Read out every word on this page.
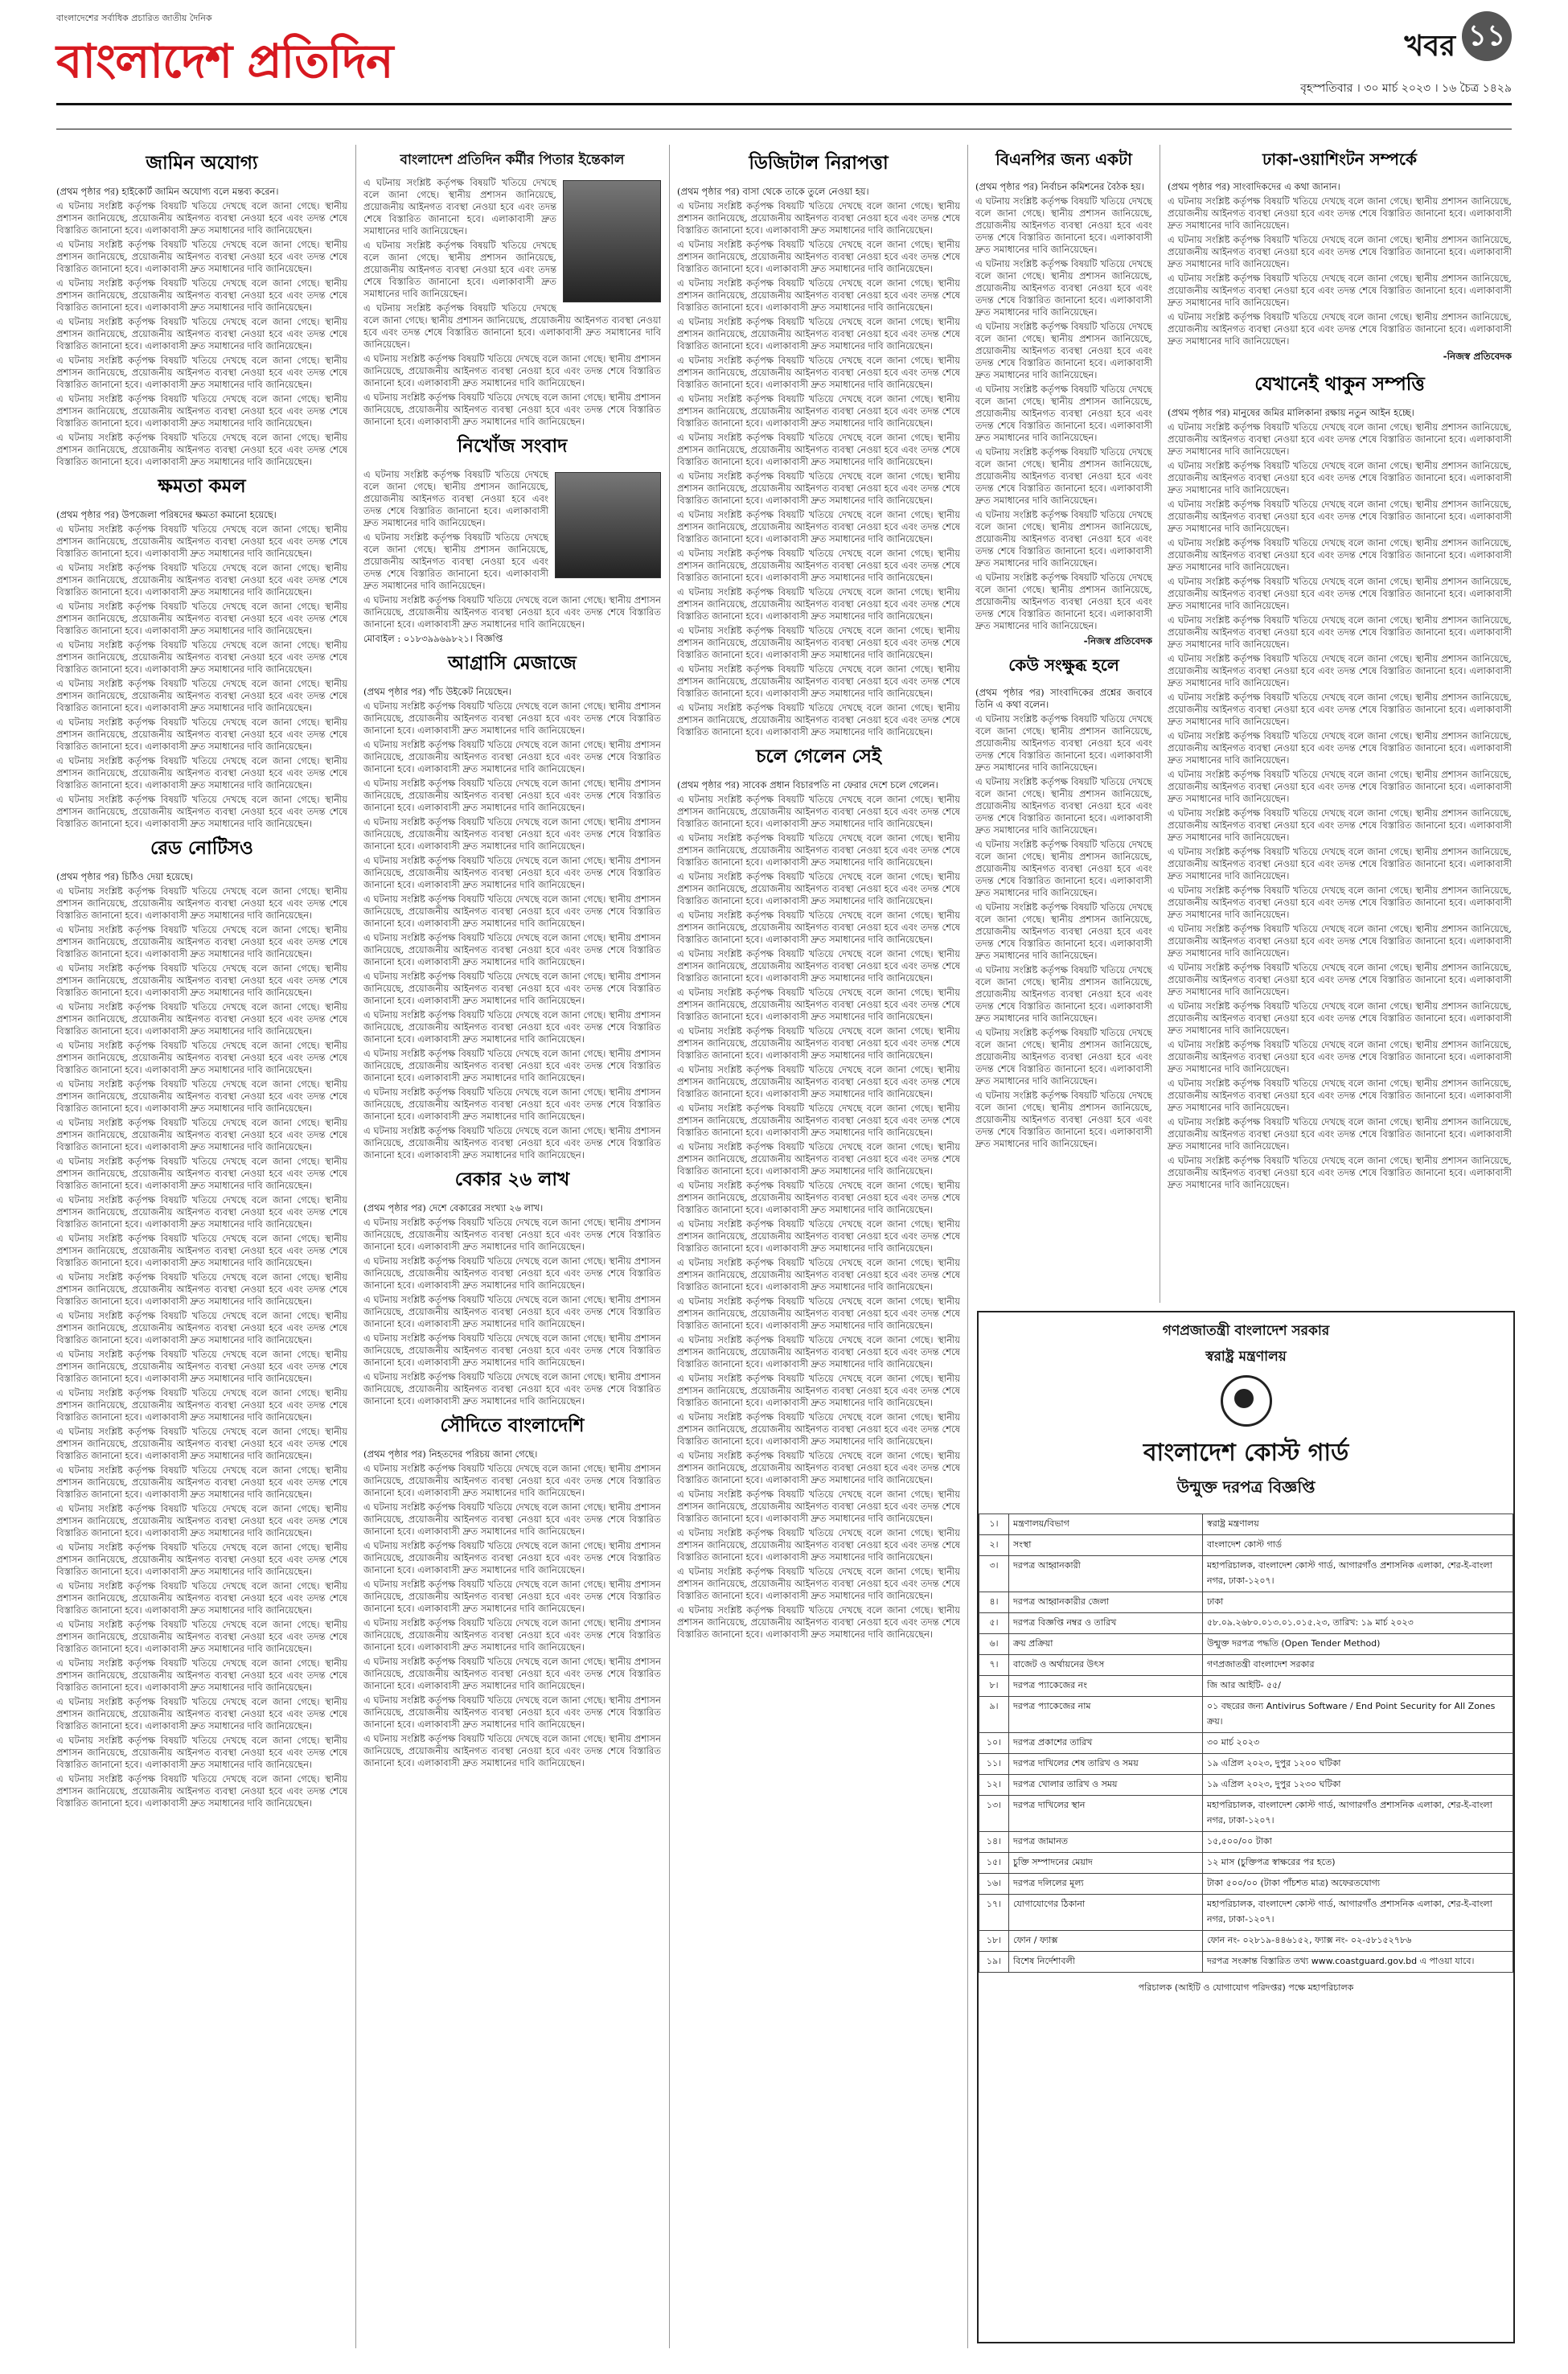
বাংলাদেশের সর্বাধিক প্রচারিত জাতীয় দৈনিক
বাংলাদেশ প্রতিদিন	খবর ১১
বৃহস্পতিবার । ৩০ মার্চ ২০২৩ । ১৬ চৈত্র ১৪২৯
জামিন অযোগ্য

(প্রথম পৃষ্ঠার পর) হাইকোর্ট জামিন অযোগ্য বলে মন্তব্য করেন।

এ ঘটনায় সংশ্লিষ্ট কর্তৃপক্ষ বিষয়টি খতিয়ে দেখছে বলে জানা গেছে। স্থানীয় প্রশাসন জানিয়েছে, প্রয়োজনীয় আইনগত ব্যবস্থা নেওয়া হবে এবং তদন্ত শেষে বিস্তারিত জানানো হবে। এলাকাবাসী দ্রুত সমাধানের দাবি জানিয়েছেন।

এ ঘটনায় সংশ্লিষ্ট কর্তৃপক্ষ বিষয়টি খতিয়ে দেখছে বলে জানা গেছে। স্থানীয় প্রশাসন জানিয়েছে, প্রয়োজনীয় আইনগত ব্যবস্থা নেওয়া হবে এবং তদন্ত শেষে বিস্তারিত জানানো হবে। এলাকাবাসী দ্রুত সমাধানের দাবি জানিয়েছেন।

এ ঘটনায় সংশ্লিষ্ট কর্তৃপক্ষ বিষয়টি খতিয়ে দেখছে বলে জানা গেছে। স্থানীয় প্রশাসন জানিয়েছে, প্রয়োজনীয় আইনগত ব্যবস্থা নেওয়া হবে এবং তদন্ত শেষে বিস্তারিত জানানো হবে। এলাকাবাসী দ্রুত সমাধানের দাবি জানিয়েছেন।

এ ঘটনায় সংশ্লিষ্ট কর্তৃপক্ষ বিষয়টি খতিয়ে দেখছে বলে জানা গেছে। স্থানীয় প্রশাসন জানিয়েছে, প্রয়োজনীয় আইনগত ব্যবস্থা নেওয়া হবে এবং তদন্ত শেষে বিস্তারিত জানানো হবে। এলাকাবাসী দ্রুত সমাধানের দাবি জানিয়েছেন।

এ ঘটনায় সংশ্লিষ্ট কর্তৃপক্ষ বিষয়টি খতিয়ে দেখছে বলে জানা গেছে। স্থানীয় প্রশাসন জানিয়েছে, প্রয়োজনীয় আইনগত ব্যবস্থা নেওয়া হবে এবং তদন্ত শেষে বিস্তারিত জানানো হবে। এলাকাবাসী দ্রুত সমাধানের দাবি জানিয়েছেন।

এ ঘটনায় সংশ্লিষ্ট কর্তৃপক্ষ বিষয়টি খতিয়ে দেখছে বলে জানা গেছে। স্থানীয় প্রশাসন জানিয়েছে, প্রয়োজনীয় আইনগত ব্যবস্থা নেওয়া হবে এবং তদন্ত শেষে বিস্তারিত জানানো হবে। এলাকাবাসী দ্রুত সমাধানের দাবি জানিয়েছেন।

এ ঘটনায় সংশ্লিষ্ট কর্তৃপক্ষ বিষয়টি খতিয়ে দেখছে বলে জানা গেছে। স্থানীয় প্রশাসন জানিয়েছে, প্রয়োজনীয় আইনগত ব্যবস্থা নেওয়া হবে এবং তদন্ত শেষে বিস্তারিত জানানো হবে। এলাকাবাসী দ্রুত সমাধানের দাবি জানিয়েছেন।

ক্ষমতা কমল

(প্রথম পৃষ্ঠার পর) উপজেলা পরিষদের ক্ষমতা কমানো হয়েছে।

এ ঘটনায় সংশ্লিষ্ট কর্তৃপক্ষ বিষয়টি খতিয়ে দেখছে বলে জানা গেছে। স্থানীয় প্রশাসন জানিয়েছে, প্রয়োজনীয় আইনগত ব্যবস্থা নেওয়া হবে এবং তদন্ত শেষে বিস্তারিত জানানো হবে। এলাকাবাসী দ্রুত সমাধানের দাবি জানিয়েছেন।

এ ঘটনায় সংশ্লিষ্ট কর্তৃপক্ষ বিষয়টি খতিয়ে দেখছে বলে জানা গেছে। স্থানীয় প্রশাসন জানিয়েছে, প্রয়োজনীয় আইনগত ব্যবস্থা নেওয়া হবে এবং তদন্ত শেষে বিস্তারিত জানানো হবে। এলাকাবাসী দ্রুত সমাধানের দাবি জানিয়েছেন।

এ ঘটনায় সংশ্লিষ্ট কর্তৃপক্ষ বিষয়টি খতিয়ে দেখছে বলে জানা গেছে। স্থানীয় প্রশাসন জানিয়েছে, প্রয়োজনীয় আইনগত ব্যবস্থা নেওয়া হবে এবং তদন্ত শেষে বিস্তারিত জানানো হবে। এলাকাবাসী দ্রুত সমাধানের দাবি জানিয়েছেন।

এ ঘটনায় সংশ্লিষ্ট কর্তৃপক্ষ বিষয়টি খতিয়ে দেখছে বলে জানা গেছে। স্থানীয় প্রশাসন জানিয়েছে, প্রয়োজনীয় আইনগত ব্যবস্থা নেওয়া হবে এবং তদন্ত শেষে বিস্তারিত জানানো হবে। এলাকাবাসী দ্রুত সমাধানের দাবি জানিয়েছেন।

এ ঘটনায় সংশ্লিষ্ট কর্তৃপক্ষ বিষয়টি খতিয়ে দেখছে বলে জানা গেছে। স্থানীয় প্রশাসন জানিয়েছে, প্রয়োজনীয় আইনগত ব্যবস্থা নেওয়া হবে এবং তদন্ত শেষে বিস্তারিত জানানো হবে। এলাকাবাসী দ্রুত সমাধানের দাবি জানিয়েছেন।

এ ঘটনায় সংশ্লিষ্ট কর্তৃপক্ষ বিষয়টি খতিয়ে দেখছে বলে জানা গেছে। স্থানীয় প্রশাসন জানিয়েছে, প্রয়োজনীয় আইনগত ব্যবস্থা নেওয়া হবে এবং তদন্ত শেষে বিস্তারিত জানানো হবে। এলাকাবাসী দ্রুত সমাধানের দাবি জানিয়েছেন।

এ ঘটনায় সংশ্লিষ্ট কর্তৃপক্ষ বিষয়টি খতিয়ে দেখছে বলে জানা গেছে। স্থানীয় প্রশাসন জানিয়েছে, প্রয়োজনীয় আইনগত ব্যবস্থা নেওয়া হবে এবং তদন্ত শেষে বিস্তারিত জানানো হবে। এলাকাবাসী দ্রুত সমাধানের দাবি জানিয়েছেন।

এ ঘটনায় সংশ্লিষ্ট কর্তৃপক্ষ বিষয়টি খতিয়ে দেখছে বলে জানা গেছে। স্থানীয় প্রশাসন জানিয়েছে, প্রয়োজনীয় আইনগত ব্যবস্থা নেওয়া হবে এবং তদন্ত শেষে বিস্তারিত জানানো হবে। এলাকাবাসী দ্রুত সমাধানের দাবি জানিয়েছেন।

রেড নোটিসও

(প্রথম পৃষ্ঠার পর) চিঠিও দেয়া হয়েছে।

এ ঘটনায় সংশ্লিষ্ট কর্তৃপক্ষ বিষয়টি খতিয়ে দেখছে বলে জানা গেছে। স্থানীয় প্রশাসন জানিয়েছে, প্রয়োজনীয় আইনগত ব্যবস্থা নেওয়া হবে এবং তদন্ত শেষে বিস্তারিত জানানো হবে। এলাকাবাসী দ্রুত সমাধানের দাবি জানিয়েছেন।

এ ঘটনায় সংশ্লিষ্ট কর্তৃপক্ষ বিষয়টি খতিয়ে দেখছে বলে জানা গেছে। স্থানীয় প্রশাসন জানিয়েছে, প্রয়োজনীয় আইনগত ব্যবস্থা নেওয়া হবে এবং তদন্ত শেষে বিস্তারিত জানানো হবে। এলাকাবাসী দ্রুত সমাধানের দাবি জানিয়েছেন।

এ ঘটনায় সংশ্লিষ্ট কর্তৃপক্ষ বিষয়টি খতিয়ে দেখছে বলে জানা গেছে। স্থানীয় প্রশাসন জানিয়েছে, প্রয়োজনীয় আইনগত ব্যবস্থা নেওয়া হবে এবং তদন্ত শেষে বিস্তারিত জানানো হবে। এলাকাবাসী দ্রুত সমাধানের দাবি জানিয়েছেন।

এ ঘটনায় সংশ্লিষ্ট কর্তৃপক্ষ বিষয়টি খতিয়ে দেখছে বলে জানা গেছে। স্থানীয় প্রশাসন জানিয়েছে, প্রয়োজনীয় আইনগত ব্যবস্থা নেওয়া হবে এবং তদন্ত শেষে বিস্তারিত জানানো হবে। এলাকাবাসী দ্রুত সমাধানের দাবি জানিয়েছেন।

এ ঘটনায় সংশ্লিষ্ট কর্তৃপক্ষ বিষয়টি খতিয়ে দেখছে বলে জানা গেছে। স্থানীয় প্রশাসন জানিয়েছে, প্রয়োজনীয় আইনগত ব্যবস্থা নেওয়া হবে এবং তদন্ত শেষে বিস্তারিত জানানো হবে। এলাকাবাসী দ্রুত সমাধানের দাবি জানিয়েছেন।

এ ঘটনায় সংশ্লিষ্ট কর্তৃপক্ষ বিষয়টি খতিয়ে দেখছে বলে জানা গেছে। স্থানীয় প্রশাসন জানিয়েছে, প্রয়োজনীয় আইনগত ব্যবস্থা নেওয়া হবে এবং তদন্ত শেষে বিস্তারিত জানানো হবে। এলাকাবাসী দ্রুত সমাধানের দাবি জানিয়েছেন।

এ ঘটনায় সংশ্লিষ্ট কর্তৃপক্ষ বিষয়টি খতিয়ে দেখছে বলে জানা গেছে। স্থানীয় প্রশাসন জানিয়েছে, প্রয়োজনীয় আইনগত ব্যবস্থা নেওয়া হবে এবং তদন্ত শেষে বিস্তারিত জানানো হবে। এলাকাবাসী দ্রুত সমাধানের দাবি জানিয়েছেন।

এ ঘটনায় সংশ্লিষ্ট কর্তৃপক্ষ বিষয়টি খতিয়ে দেখছে বলে জানা গেছে। স্থানীয় প্রশাসন জানিয়েছে, প্রয়োজনীয় আইনগত ব্যবস্থা নেওয়া হবে এবং তদন্ত শেষে বিস্তারিত জানানো হবে। এলাকাবাসী দ্রুত সমাধানের দাবি জানিয়েছেন।

এ ঘটনায় সংশ্লিষ্ট কর্তৃপক্ষ বিষয়টি খতিয়ে দেখছে বলে জানা গেছে। স্থানীয় প্রশাসন জানিয়েছে, প্রয়োজনীয় আইনগত ব্যবস্থা নেওয়া হবে এবং তদন্ত শেষে বিস্তারিত জানানো হবে। এলাকাবাসী দ্রুত সমাধানের দাবি জানিয়েছেন।

এ ঘটনায় সংশ্লিষ্ট কর্তৃপক্ষ বিষয়টি খতিয়ে দেখছে বলে জানা গেছে। স্থানীয় প্রশাসন জানিয়েছে, প্রয়োজনীয় আইনগত ব্যবস্থা নেওয়া হবে এবং তদন্ত শেষে বিস্তারিত জানানো হবে। এলাকাবাসী দ্রুত সমাধানের দাবি জানিয়েছেন।

এ ঘটনায় সংশ্লিষ্ট কর্তৃপক্ষ বিষয়টি খতিয়ে দেখছে বলে জানা গেছে। স্থানীয় প্রশাসন জানিয়েছে, প্রয়োজনীয় আইনগত ব্যবস্থা নেওয়া হবে এবং তদন্ত শেষে বিস্তারিত জানানো হবে। এলাকাবাসী দ্রুত সমাধানের দাবি জানিয়েছেন।

এ ঘটনায় সংশ্লিষ্ট কর্তৃপক্ষ বিষয়টি খতিয়ে দেখছে বলে জানা গেছে। স্থানীয় প্রশাসন জানিয়েছে, প্রয়োজনীয় আইনগত ব্যবস্থা নেওয়া হবে এবং তদন্ত শেষে বিস্তারিত জানানো হবে। এলাকাবাসী দ্রুত সমাধানের দাবি জানিয়েছেন।

এ ঘটনায় সংশ্লিষ্ট কর্তৃপক্ষ বিষয়টি খতিয়ে দেখছে বলে জানা গেছে। স্থানীয় প্রশাসন জানিয়েছে, প্রয়োজনীয় আইনগত ব্যবস্থা নেওয়া হবে এবং তদন্ত শেষে বিস্তারিত জানানো হবে। এলাকাবাসী দ্রুত সমাধানের দাবি জানিয়েছেন।

এ ঘটনায় সংশ্লিষ্ট কর্তৃপক্ষ বিষয়টি খতিয়ে দেখছে বলে জানা গেছে। স্থানীয় প্রশাসন জানিয়েছে, প্রয়োজনীয় আইনগত ব্যবস্থা নেওয়া হবে এবং তদন্ত শেষে বিস্তারিত জানানো হবে। এলাকাবাসী দ্রুত সমাধানের দাবি জানিয়েছেন।

এ ঘটনায় সংশ্লিষ্ট কর্তৃপক্ষ বিষয়টি খতিয়ে দেখছে বলে জানা গেছে। স্থানীয় প্রশাসন জানিয়েছে, প্রয়োজনীয় আইনগত ব্যবস্থা নেওয়া হবে এবং তদন্ত শেষে বিস্তারিত জানানো হবে। এলাকাবাসী দ্রুত সমাধানের দাবি জানিয়েছেন।

এ ঘটনায় সংশ্লিষ্ট কর্তৃপক্ষ বিষয়টি খতিয়ে দেখছে বলে জানা গেছে। স্থানীয় প্রশাসন জানিয়েছে, প্রয়োজনীয় আইনগত ব্যবস্থা নেওয়া হবে এবং তদন্ত শেষে বিস্তারিত জানানো হবে। এলাকাবাসী দ্রুত সমাধানের দাবি জানিয়েছেন।

এ ঘটনায় সংশ্লিষ্ট কর্তৃপক্ষ বিষয়টি খতিয়ে দেখছে বলে জানা গেছে। স্থানীয় প্রশাসন জানিয়েছে, প্রয়োজনীয় আইনগত ব্যবস্থা নেওয়া হবে এবং তদন্ত শেষে বিস্তারিত জানানো হবে। এলাকাবাসী দ্রুত সমাধানের দাবি জানিয়েছেন।

এ ঘটনায় সংশ্লিষ্ট কর্তৃপক্ষ বিষয়টি খতিয়ে দেখছে বলে জানা গেছে। স্থানীয় প্রশাসন জানিয়েছে, প্রয়োজনীয় আইনগত ব্যবস্থা নেওয়া হবে এবং তদন্ত শেষে বিস্তারিত জানানো হবে। এলাকাবাসী দ্রুত সমাধানের দাবি জানিয়েছেন।

এ ঘটনায় সংশ্লিষ্ট কর্তৃপক্ষ বিষয়টি খতিয়ে দেখছে বলে জানা গেছে। স্থানীয় প্রশাসন জানিয়েছে, প্রয়োজনীয় আইনগত ব্যবস্থা নেওয়া হবে এবং তদন্ত শেষে বিস্তারিত জানানো হবে। এলাকাবাসী দ্রুত সমাধানের দাবি জানিয়েছেন।

এ ঘটনায় সংশ্লিষ্ট কর্তৃপক্ষ বিষয়টি খতিয়ে দেখছে বলে জানা গেছে। স্থানীয় প্রশাসন জানিয়েছে, প্রয়োজনীয় আইনগত ব্যবস্থা নেওয়া হবে এবং তদন্ত শেষে বিস্তারিত জানানো হবে। এলাকাবাসী দ্রুত সমাধানের দাবি জানিয়েছেন।

এ ঘটনায় সংশ্লিষ্ট কর্তৃপক্ষ বিষয়টি খতিয়ে দেখছে বলে জানা গেছে। স্থানীয় প্রশাসন জানিয়েছে, প্রয়োজনীয় আইনগত ব্যবস্থা নেওয়া হবে এবং তদন্ত শেষে বিস্তারিত জানানো হবে। এলাকাবাসী দ্রুত সমাধানের দাবি জানিয়েছেন।

এ ঘটনায় সংশ্লিষ্ট কর্তৃপক্ষ বিষয়টি খতিয়ে দেখছে বলে জানা গেছে। স্থানীয় প্রশাসন জানিয়েছে, প্রয়োজনীয় আইনগত ব্যবস্থা নেওয়া হবে এবং তদন্ত শেষে বিস্তারিত জানানো হবে। এলাকাবাসী দ্রুত সমাধানের দাবি জানিয়েছেন।

এ ঘটনায় সংশ্লিষ্ট কর্তৃপক্ষ বিষয়টি খতিয়ে দেখছে বলে জানা গেছে। স্থানীয় প্রশাসন জানিয়েছে, প্রয়োজনীয় আইনগত ব্যবস্থা নেওয়া হবে এবং তদন্ত শেষে বিস্তারিত জানানো হবে। এলাকাবাসী দ্রুত সমাধানের দাবি জানিয়েছেন।

এ ঘটনায় সংশ্লিষ্ট কর্তৃপক্ষ বিষয়টি খতিয়ে দেখছে বলে জানা গেছে। স্থানীয় প্রশাসন জানিয়েছে, প্রয়োজনীয় আইনগত ব্যবস্থা নেওয়া হবে এবং তদন্ত শেষে বিস্তারিত জানানো হবে। এলাকাবাসী দ্রুত সমাধানের দাবি জানিয়েছেন।

বাংলাদেশ প্রতিদিন কর্মীর পিতার ইন্তেকাল

এ ঘটনায় সংশ্লিষ্ট কর্তৃপক্ষ বিষয়টি খতিয়ে দেখছে বলে জানা গেছে। স্থানীয় প্রশাসন জানিয়েছে, প্রয়োজনীয় আইনগত ব্যবস্থা নেওয়া হবে এবং তদন্ত শেষে বিস্তারিত জানানো হবে। এলাকাবাসী দ্রুত সমাধানের দাবি জানিয়েছেন।

এ ঘটনায় সংশ্লিষ্ট কর্তৃপক্ষ বিষয়টি খতিয়ে দেখছে বলে জানা গেছে। স্থানীয় প্রশাসন জানিয়েছে, প্রয়োজনীয় আইনগত ব্যবস্থা নেওয়া হবে এবং তদন্ত শেষে বিস্তারিত জানানো হবে। এলাকাবাসী দ্রুত সমাধানের দাবি জানিয়েছেন।

এ ঘটনায় সংশ্লিষ্ট কর্তৃপক্ষ বিষয়টি খতিয়ে দেখছে বলে জানা গেছে। স্থানীয় প্রশাসন জানিয়েছে, প্রয়োজনীয় আইনগত ব্যবস্থা নেওয়া হবে এবং তদন্ত শেষে বিস্তারিত জানানো হবে। এলাকাবাসী দ্রুত সমাধানের দাবি জানিয়েছেন।

এ ঘটনায় সংশ্লিষ্ট কর্তৃপক্ষ বিষয়টি খতিয়ে দেখছে বলে জানা গেছে। স্থানীয় প্রশাসন জানিয়েছে, প্রয়োজনীয় আইনগত ব্যবস্থা নেওয়া হবে এবং তদন্ত শেষে বিস্তারিত জানানো হবে। এলাকাবাসী দ্রুত সমাধানের দাবি জানিয়েছেন।

এ ঘটনায় সংশ্লিষ্ট কর্তৃপক্ষ বিষয়টি খতিয়ে দেখছে বলে জানা গেছে। স্থানীয় প্রশাসন জানিয়েছে, প্রয়োজনীয় আইনগত ব্যবস্থা নেওয়া হবে এবং তদন্ত শেষে বিস্তারিত জানানো হবে। এলাকাবাসী দ্রুত সমাধানের দাবি জানিয়েছেন।

নিখোঁজ সংবাদ

এ ঘটনায় সংশ্লিষ্ট কর্তৃপক্ষ বিষয়টি খতিয়ে দেখছে বলে জানা গেছে। স্থানীয় প্রশাসন জানিয়েছে, প্রয়োজনীয় আইনগত ব্যবস্থা নেওয়া হবে এবং তদন্ত শেষে বিস্তারিত জানানো হবে। এলাকাবাসী দ্রুত সমাধানের দাবি জানিয়েছেন।

এ ঘটনায় সংশ্লিষ্ট কর্তৃপক্ষ বিষয়টি খতিয়ে দেখছে বলে জানা গেছে। স্থানীয় প্রশাসন জানিয়েছে, প্রয়োজনীয় আইনগত ব্যবস্থা নেওয়া হবে এবং তদন্ত শেষে বিস্তারিত জানানো হবে। এলাকাবাসী দ্রুত সমাধানের দাবি জানিয়েছেন।

এ ঘটনায় সংশ্লিষ্ট কর্তৃপক্ষ বিষয়টি খতিয়ে দেখছে বলে জানা গেছে। স্থানীয় প্রশাসন জানিয়েছে, প্রয়োজনীয় আইনগত ব্যবস্থা নেওয়া হবে এবং তদন্ত শেষে বিস্তারিত জানানো হবে। এলাকাবাসী দ্রুত সমাধানের দাবি জানিয়েছেন।

মোবাইল : ০১৮৩৯৯৬৯৮২১। বিজ্ঞপ্তি

আগ্রাসি মেজাজে

(প্রথম পৃষ্ঠার পর) পাঁচ উইকেট নিয়েছেন।

এ ঘটনায় সংশ্লিষ্ট কর্তৃপক্ষ বিষয়টি খতিয়ে দেখছে বলে জানা গেছে। স্থানীয় প্রশাসন জানিয়েছে, প্রয়োজনীয় আইনগত ব্যবস্থা নেওয়া হবে এবং তদন্ত শেষে বিস্তারিত জানানো হবে। এলাকাবাসী দ্রুত সমাধানের দাবি জানিয়েছেন।

এ ঘটনায় সংশ্লিষ্ট কর্তৃপক্ষ বিষয়টি খতিয়ে দেখছে বলে জানা গেছে। স্থানীয় প্রশাসন জানিয়েছে, প্রয়োজনীয় আইনগত ব্যবস্থা নেওয়া হবে এবং তদন্ত শেষে বিস্তারিত জানানো হবে। এলাকাবাসী দ্রুত সমাধানের দাবি জানিয়েছেন।

এ ঘটনায় সংশ্লিষ্ট কর্তৃপক্ষ বিষয়টি খতিয়ে দেখছে বলে জানা গেছে। স্থানীয় প্রশাসন জানিয়েছে, প্রয়োজনীয় আইনগত ব্যবস্থা নেওয়া হবে এবং তদন্ত শেষে বিস্তারিত জানানো হবে। এলাকাবাসী দ্রুত সমাধানের দাবি জানিয়েছেন।

এ ঘটনায় সংশ্লিষ্ট কর্তৃপক্ষ বিষয়টি খতিয়ে দেখছে বলে জানা গেছে। স্থানীয় প্রশাসন জানিয়েছে, প্রয়োজনীয় আইনগত ব্যবস্থা নেওয়া হবে এবং তদন্ত শেষে বিস্তারিত জানানো হবে। এলাকাবাসী দ্রুত সমাধানের দাবি জানিয়েছেন।

এ ঘটনায় সংশ্লিষ্ট কর্তৃপক্ষ বিষয়টি খতিয়ে দেখছে বলে জানা গেছে। স্থানীয় প্রশাসন জানিয়েছে, প্রয়োজনীয় আইনগত ব্যবস্থা নেওয়া হবে এবং তদন্ত শেষে বিস্তারিত জানানো হবে। এলাকাবাসী দ্রুত সমাধানের দাবি জানিয়েছেন।

এ ঘটনায় সংশ্লিষ্ট কর্তৃপক্ষ বিষয়টি খতিয়ে দেখছে বলে জানা গেছে। স্থানীয় প্রশাসন জানিয়েছে, প্রয়োজনীয় আইনগত ব্যবস্থা নেওয়া হবে এবং তদন্ত শেষে বিস্তারিত জানানো হবে। এলাকাবাসী দ্রুত সমাধানের দাবি জানিয়েছেন।

এ ঘটনায় সংশ্লিষ্ট কর্তৃপক্ষ বিষয়টি খতিয়ে দেখছে বলে জানা গেছে। স্থানীয় প্রশাসন জানিয়েছে, প্রয়োজনীয় আইনগত ব্যবস্থা নেওয়া হবে এবং তদন্ত শেষে বিস্তারিত জানানো হবে। এলাকাবাসী দ্রুত সমাধানের দাবি জানিয়েছেন।

এ ঘটনায় সংশ্লিষ্ট কর্তৃপক্ষ বিষয়টি খতিয়ে দেখছে বলে জানা গেছে। স্থানীয় প্রশাসন জানিয়েছে, প্রয়োজনীয় আইনগত ব্যবস্থা নেওয়া হবে এবং তদন্ত শেষে বিস্তারিত জানানো হবে। এলাকাবাসী দ্রুত সমাধানের দাবি জানিয়েছেন।

এ ঘটনায় সংশ্লিষ্ট কর্তৃপক্ষ বিষয়টি খতিয়ে দেখছে বলে জানা গেছে। স্থানীয় প্রশাসন জানিয়েছে, প্রয়োজনীয় আইনগত ব্যবস্থা নেওয়া হবে এবং তদন্ত শেষে বিস্তারিত জানানো হবে। এলাকাবাসী দ্রুত সমাধানের দাবি জানিয়েছেন।

এ ঘটনায় সংশ্লিষ্ট কর্তৃপক্ষ বিষয়টি খতিয়ে দেখছে বলে জানা গেছে। স্থানীয় প্রশাসন জানিয়েছে, প্রয়োজনীয় আইনগত ব্যবস্থা নেওয়া হবে এবং তদন্ত শেষে বিস্তারিত জানানো হবে। এলাকাবাসী দ্রুত সমাধানের দাবি জানিয়েছেন।

এ ঘটনায় সংশ্লিষ্ট কর্তৃপক্ষ বিষয়টি খতিয়ে দেখছে বলে জানা গেছে। স্থানীয় প্রশাসন জানিয়েছে, প্রয়োজনীয় আইনগত ব্যবস্থা নেওয়া হবে এবং তদন্ত শেষে বিস্তারিত জানানো হবে। এলাকাবাসী দ্রুত সমাধানের দাবি জানিয়েছেন।

এ ঘটনায় সংশ্লিষ্ট কর্তৃপক্ষ বিষয়টি খতিয়ে দেখছে বলে জানা গেছে। স্থানীয় প্রশাসন জানিয়েছে, প্রয়োজনীয় আইনগত ব্যবস্থা নেওয়া হবে এবং তদন্ত শেষে বিস্তারিত জানানো হবে। এলাকাবাসী দ্রুত সমাধানের দাবি জানিয়েছেন।

বেকার ২৬ লাখ

(প্রথম পৃষ্ঠার পর) দেশে বেকারের সংখ্যা ২৬ লাখ।

এ ঘটনায় সংশ্লিষ্ট কর্তৃপক্ষ বিষয়টি খতিয়ে দেখছে বলে জানা গেছে। স্থানীয় প্রশাসন জানিয়েছে, প্রয়োজনীয় আইনগত ব্যবস্থা নেওয়া হবে এবং তদন্ত শেষে বিস্তারিত জানানো হবে। এলাকাবাসী দ্রুত সমাধানের দাবি জানিয়েছেন।

এ ঘটনায় সংশ্লিষ্ট কর্তৃপক্ষ বিষয়টি খতিয়ে দেখছে বলে জানা গেছে। স্থানীয় প্রশাসন জানিয়েছে, প্রয়োজনীয় আইনগত ব্যবস্থা নেওয়া হবে এবং তদন্ত শেষে বিস্তারিত জানানো হবে। এলাকাবাসী দ্রুত সমাধানের দাবি জানিয়েছেন।

এ ঘটনায় সংশ্লিষ্ট কর্তৃপক্ষ বিষয়টি খতিয়ে দেখছে বলে জানা গেছে। স্থানীয় প্রশাসন জানিয়েছে, প্রয়োজনীয় আইনগত ব্যবস্থা নেওয়া হবে এবং তদন্ত শেষে বিস্তারিত জানানো হবে। এলাকাবাসী দ্রুত সমাধানের দাবি জানিয়েছেন।

এ ঘটনায় সংশ্লিষ্ট কর্তৃপক্ষ বিষয়টি খতিয়ে দেখছে বলে জানা গেছে। স্থানীয় প্রশাসন জানিয়েছে, প্রয়োজনীয় আইনগত ব্যবস্থা নেওয়া হবে এবং তদন্ত শেষে বিস্তারিত জানানো হবে। এলাকাবাসী দ্রুত সমাধানের দাবি জানিয়েছেন।

এ ঘটনায় সংশ্লিষ্ট কর্তৃপক্ষ বিষয়টি খতিয়ে দেখছে বলে জানা গেছে। স্থানীয় প্রশাসন জানিয়েছে, প্রয়োজনীয় আইনগত ব্যবস্থা নেওয়া হবে এবং তদন্ত শেষে বিস্তারিত জানানো হবে। এলাকাবাসী দ্রুত সমাধানের দাবি জানিয়েছেন।

সৌদিতে বাংলাদেশি

(প্রথম পৃষ্ঠার পর) নিহতদের পরিচয় জানা গেছে।

এ ঘটনায় সংশ্লিষ্ট কর্তৃপক্ষ বিষয়টি খতিয়ে দেখছে বলে জানা গেছে। স্থানীয় প্রশাসন জানিয়েছে, প্রয়োজনীয় আইনগত ব্যবস্থা নেওয়া হবে এবং তদন্ত শেষে বিস্তারিত জানানো হবে। এলাকাবাসী দ্রুত সমাধানের দাবি জানিয়েছেন।

এ ঘটনায় সংশ্লিষ্ট কর্তৃপক্ষ বিষয়টি খতিয়ে দেখছে বলে জানা গেছে। স্থানীয় প্রশাসন জানিয়েছে, প্রয়োজনীয় আইনগত ব্যবস্থা নেওয়া হবে এবং তদন্ত শেষে বিস্তারিত জানানো হবে। এলাকাবাসী দ্রুত সমাধানের দাবি জানিয়েছেন।

এ ঘটনায় সংশ্লিষ্ট কর্তৃপক্ষ বিষয়টি খতিয়ে দেখছে বলে জানা গেছে। স্থানীয় প্রশাসন জানিয়েছে, প্রয়োজনীয় আইনগত ব্যবস্থা নেওয়া হবে এবং তদন্ত শেষে বিস্তারিত জানানো হবে। এলাকাবাসী দ্রুত সমাধানের দাবি জানিয়েছেন।

এ ঘটনায় সংশ্লিষ্ট কর্তৃপক্ষ বিষয়টি খতিয়ে দেখছে বলে জানা গেছে। স্থানীয় প্রশাসন জানিয়েছে, প্রয়োজনীয় আইনগত ব্যবস্থা নেওয়া হবে এবং তদন্ত শেষে বিস্তারিত জানানো হবে। এলাকাবাসী দ্রুত সমাধানের দাবি জানিয়েছেন।

এ ঘটনায় সংশ্লিষ্ট কর্তৃপক্ষ বিষয়টি খতিয়ে দেখছে বলে জানা গেছে। স্থানীয় প্রশাসন জানিয়েছে, প্রয়োজনীয় আইনগত ব্যবস্থা নেওয়া হবে এবং তদন্ত শেষে বিস্তারিত জানানো হবে। এলাকাবাসী দ্রুত সমাধানের দাবি জানিয়েছেন।

এ ঘটনায় সংশ্লিষ্ট কর্তৃপক্ষ বিষয়টি খতিয়ে দেখছে বলে জানা গেছে। স্থানীয় প্রশাসন জানিয়েছে, প্রয়োজনীয় আইনগত ব্যবস্থা নেওয়া হবে এবং তদন্ত শেষে বিস্তারিত জানানো হবে। এলাকাবাসী দ্রুত সমাধানের দাবি জানিয়েছেন।

এ ঘটনায় সংশ্লিষ্ট কর্তৃপক্ষ বিষয়টি খতিয়ে দেখছে বলে জানা গেছে। স্থানীয় প্রশাসন জানিয়েছে, প্রয়োজনীয় আইনগত ব্যবস্থা নেওয়া হবে এবং তদন্ত শেষে বিস্তারিত জানানো হবে। এলাকাবাসী দ্রুত সমাধানের দাবি জানিয়েছেন।

এ ঘটনায় সংশ্লিষ্ট কর্তৃপক্ষ বিষয়টি খতিয়ে দেখছে বলে জানা গেছে। স্থানীয় প্রশাসন জানিয়েছে, প্রয়োজনীয় আইনগত ব্যবস্থা নেওয়া হবে এবং তদন্ত শেষে বিস্তারিত জানানো হবে। এলাকাবাসী দ্রুত সমাধানের দাবি জানিয়েছেন।

ডিজিটাল নিরাপত্তা

(প্রথম পৃষ্ঠার পর) বাসা থেকে তাকে তুলে নেওয়া হয়।

এ ঘটনায় সংশ্লিষ্ট কর্তৃপক্ষ বিষয়টি খতিয়ে দেখছে বলে জানা গেছে। স্থানীয় প্রশাসন জানিয়েছে, প্রয়োজনীয় আইনগত ব্যবস্থা নেওয়া হবে এবং তদন্ত শেষে বিস্তারিত জানানো হবে। এলাকাবাসী দ্রুত সমাধানের দাবি জানিয়েছেন।

এ ঘটনায় সংশ্লিষ্ট কর্তৃপক্ষ বিষয়টি খতিয়ে দেখছে বলে জানা গেছে। স্থানীয় প্রশাসন জানিয়েছে, প্রয়োজনীয় আইনগত ব্যবস্থা নেওয়া হবে এবং তদন্ত শেষে বিস্তারিত জানানো হবে। এলাকাবাসী দ্রুত সমাধানের দাবি জানিয়েছেন।

এ ঘটনায় সংশ্লিষ্ট কর্তৃপক্ষ বিষয়টি খতিয়ে দেখছে বলে জানা গেছে। স্থানীয় প্রশাসন জানিয়েছে, প্রয়োজনীয় আইনগত ব্যবস্থা নেওয়া হবে এবং তদন্ত শেষে বিস্তারিত জানানো হবে। এলাকাবাসী দ্রুত সমাধানের দাবি জানিয়েছেন।

এ ঘটনায় সংশ্লিষ্ট কর্তৃপক্ষ বিষয়টি খতিয়ে দেখছে বলে জানা গেছে। স্থানীয় প্রশাসন জানিয়েছে, প্রয়োজনীয় আইনগত ব্যবস্থা নেওয়া হবে এবং তদন্ত শেষে বিস্তারিত জানানো হবে। এলাকাবাসী দ্রুত সমাধানের দাবি জানিয়েছেন।

এ ঘটনায় সংশ্লিষ্ট কর্তৃপক্ষ বিষয়টি খতিয়ে দেখছে বলে জানা গেছে। স্থানীয় প্রশাসন জানিয়েছে, প্রয়োজনীয় আইনগত ব্যবস্থা নেওয়া হবে এবং তদন্ত শেষে বিস্তারিত জানানো হবে। এলাকাবাসী দ্রুত সমাধানের দাবি জানিয়েছেন।

এ ঘটনায় সংশ্লিষ্ট কর্তৃপক্ষ বিষয়টি খতিয়ে দেখছে বলে জানা গেছে। স্থানীয় প্রশাসন জানিয়েছে, প্রয়োজনীয় আইনগত ব্যবস্থা নেওয়া হবে এবং তদন্ত শেষে বিস্তারিত জানানো হবে। এলাকাবাসী দ্রুত সমাধানের দাবি জানিয়েছেন।

এ ঘটনায় সংশ্লিষ্ট কর্তৃপক্ষ বিষয়টি খতিয়ে দেখছে বলে জানা গেছে। স্থানীয় প্রশাসন জানিয়েছে, প্রয়োজনীয় আইনগত ব্যবস্থা নেওয়া হবে এবং তদন্ত শেষে বিস্তারিত জানানো হবে। এলাকাবাসী দ্রুত সমাধানের দাবি জানিয়েছেন।

এ ঘটনায় সংশ্লিষ্ট কর্তৃপক্ষ বিষয়টি খতিয়ে দেখছে বলে জানা গেছে। স্থানীয় প্রশাসন জানিয়েছে, প্রয়োজনীয় আইনগত ব্যবস্থা নেওয়া হবে এবং তদন্ত শেষে বিস্তারিত জানানো হবে। এলাকাবাসী দ্রুত সমাধানের দাবি জানিয়েছেন।

এ ঘটনায় সংশ্লিষ্ট কর্তৃপক্ষ বিষয়টি খতিয়ে দেখছে বলে জানা গেছে। স্থানীয় প্রশাসন জানিয়েছে, প্রয়োজনীয় আইনগত ব্যবস্থা নেওয়া হবে এবং তদন্ত শেষে বিস্তারিত জানানো হবে। এলাকাবাসী দ্রুত সমাধানের দাবি জানিয়েছেন।

এ ঘটনায় সংশ্লিষ্ট কর্তৃপক্ষ বিষয়টি খতিয়ে দেখছে বলে জানা গেছে। স্থানীয় প্রশাসন জানিয়েছে, প্রয়োজনীয় আইনগত ব্যবস্থা নেওয়া হবে এবং তদন্ত শেষে বিস্তারিত জানানো হবে। এলাকাবাসী দ্রুত সমাধানের দাবি জানিয়েছেন।

এ ঘটনায় সংশ্লিষ্ট কর্তৃপক্ষ বিষয়টি খতিয়ে দেখছে বলে জানা গেছে। স্থানীয় প্রশাসন জানিয়েছে, প্রয়োজনীয় আইনগত ব্যবস্থা নেওয়া হবে এবং তদন্ত শেষে বিস্তারিত জানানো হবে। এলাকাবাসী দ্রুত সমাধানের দাবি জানিয়েছেন।

এ ঘটনায় সংশ্লিষ্ট কর্তৃপক্ষ বিষয়টি খতিয়ে দেখছে বলে জানা গেছে। স্থানীয় প্রশাসন জানিয়েছে, প্রয়োজনীয় আইনগত ব্যবস্থা নেওয়া হবে এবং তদন্ত শেষে বিস্তারিত জানানো হবে। এলাকাবাসী দ্রুত সমাধানের দাবি জানিয়েছেন।

এ ঘটনায় সংশ্লিষ্ট কর্তৃপক্ষ বিষয়টি খতিয়ে দেখছে বলে জানা গেছে। স্থানীয় প্রশাসন জানিয়েছে, প্রয়োজনীয় আইনগত ব্যবস্থা নেওয়া হবে এবং তদন্ত শেষে বিস্তারিত জানানো হবে। এলাকাবাসী দ্রুত সমাধানের দাবি জানিয়েছেন।

এ ঘটনায় সংশ্লিষ্ট কর্তৃপক্ষ বিষয়টি খতিয়ে দেখছে বলে জানা গেছে। স্থানীয় প্রশাসন জানিয়েছে, প্রয়োজনীয় আইনগত ব্যবস্থা নেওয়া হবে এবং তদন্ত শেষে বিস্তারিত জানানো হবে। এলাকাবাসী দ্রুত সমাধানের দাবি জানিয়েছেন।

চলে গেলেন সেই

(প্রথম পৃষ্ঠার পর) সাবেক প্রধান বিচারপতি না ফেরার দেশে চলে গেলেন।

এ ঘটনায় সংশ্লিষ্ট কর্তৃপক্ষ বিষয়টি খতিয়ে দেখছে বলে জানা গেছে। স্থানীয় প্রশাসন জানিয়েছে, প্রয়োজনীয় আইনগত ব্যবস্থা নেওয়া হবে এবং তদন্ত শেষে বিস্তারিত জানানো হবে। এলাকাবাসী দ্রুত সমাধানের দাবি জানিয়েছেন।

এ ঘটনায় সংশ্লিষ্ট কর্তৃপক্ষ বিষয়টি খতিয়ে দেখছে বলে জানা গেছে। স্থানীয় প্রশাসন জানিয়েছে, প্রয়োজনীয় আইনগত ব্যবস্থা নেওয়া হবে এবং তদন্ত শেষে বিস্তারিত জানানো হবে। এলাকাবাসী দ্রুত সমাধানের দাবি জানিয়েছেন।

এ ঘটনায় সংশ্লিষ্ট কর্তৃপক্ষ বিষয়টি খতিয়ে দেখছে বলে জানা গেছে। স্থানীয় প্রশাসন জানিয়েছে, প্রয়োজনীয় আইনগত ব্যবস্থা নেওয়া হবে এবং তদন্ত শেষে বিস্তারিত জানানো হবে। এলাকাবাসী দ্রুত সমাধানের দাবি জানিয়েছেন।

এ ঘটনায় সংশ্লিষ্ট কর্তৃপক্ষ বিষয়টি খতিয়ে দেখছে বলে জানা গেছে। স্থানীয় প্রশাসন জানিয়েছে, প্রয়োজনীয় আইনগত ব্যবস্থা নেওয়া হবে এবং তদন্ত শেষে বিস্তারিত জানানো হবে। এলাকাবাসী দ্রুত সমাধানের দাবি জানিয়েছেন।

এ ঘটনায় সংশ্লিষ্ট কর্তৃপক্ষ বিষয়টি খতিয়ে দেখছে বলে জানা গেছে। স্থানীয় প্রশাসন জানিয়েছে, প্রয়োজনীয় আইনগত ব্যবস্থা নেওয়া হবে এবং তদন্ত শেষে বিস্তারিত জানানো হবে। এলাকাবাসী দ্রুত সমাধানের দাবি জানিয়েছেন।

এ ঘটনায় সংশ্লিষ্ট কর্তৃপক্ষ বিষয়টি খতিয়ে দেখছে বলে জানা গেছে। স্থানীয় প্রশাসন জানিয়েছে, প্রয়োজনীয় আইনগত ব্যবস্থা নেওয়া হবে এবং তদন্ত শেষে বিস্তারিত জানানো হবে। এলাকাবাসী দ্রুত সমাধানের দাবি জানিয়েছেন।

এ ঘটনায় সংশ্লিষ্ট কর্তৃপক্ষ বিষয়টি খতিয়ে দেখছে বলে জানা গেছে। স্থানীয় প্রশাসন জানিয়েছে, প্রয়োজনীয় আইনগত ব্যবস্থা নেওয়া হবে এবং তদন্ত শেষে বিস্তারিত জানানো হবে। এলাকাবাসী দ্রুত সমাধানের দাবি জানিয়েছেন।

এ ঘটনায় সংশ্লিষ্ট কর্তৃপক্ষ বিষয়টি খতিয়ে দেখছে বলে জানা গেছে। স্থানীয় প্রশাসন জানিয়েছে, প্রয়োজনীয় আইনগত ব্যবস্থা নেওয়া হবে এবং তদন্ত শেষে বিস্তারিত জানানো হবে। এলাকাবাসী দ্রুত সমাধানের দাবি জানিয়েছেন।

এ ঘটনায় সংশ্লিষ্ট কর্তৃপক্ষ বিষয়টি খতিয়ে দেখছে বলে জানা গেছে। স্থানীয় প্রশাসন জানিয়েছে, প্রয়োজনীয় আইনগত ব্যবস্থা নেওয়া হবে এবং তদন্ত শেষে বিস্তারিত জানানো হবে। এলাকাবাসী দ্রুত সমাধানের দাবি জানিয়েছেন।

এ ঘটনায় সংশ্লিষ্ট কর্তৃপক্ষ বিষয়টি খতিয়ে দেখছে বলে জানা গেছে। স্থানীয় প্রশাসন জানিয়েছে, প্রয়োজনীয় আইনগত ব্যবস্থা নেওয়া হবে এবং তদন্ত শেষে বিস্তারিত জানানো হবে। এলাকাবাসী দ্রুত সমাধানের দাবি জানিয়েছেন।

এ ঘটনায় সংশ্লিষ্ট কর্তৃপক্ষ বিষয়টি খতিয়ে দেখছে বলে জানা গেছে। স্থানীয় প্রশাসন জানিয়েছে, প্রয়োজনীয় আইনগত ব্যবস্থা নেওয়া হবে এবং তদন্ত শেষে বিস্তারিত জানানো হবে। এলাকাবাসী দ্রুত সমাধানের দাবি জানিয়েছেন।

এ ঘটনায় সংশ্লিষ্ট কর্তৃপক্ষ বিষয়টি খতিয়ে দেখছে বলে জানা গেছে। স্থানীয় প্রশাসন জানিয়েছে, প্রয়োজনীয় আইনগত ব্যবস্থা নেওয়া হবে এবং তদন্ত শেষে বিস্তারিত জানানো হবে। এলাকাবাসী দ্রুত সমাধানের দাবি জানিয়েছেন।

এ ঘটনায় সংশ্লিষ্ট কর্তৃপক্ষ বিষয়টি খতিয়ে দেখছে বলে জানা গেছে। স্থানীয় প্রশাসন জানিয়েছে, প্রয়োজনীয় আইনগত ব্যবস্থা নেওয়া হবে এবং তদন্ত শেষে বিস্তারিত জানানো হবে। এলাকাবাসী দ্রুত সমাধানের দাবি জানিয়েছেন।

এ ঘটনায় সংশ্লিষ্ট কর্তৃপক্ষ বিষয়টি খতিয়ে দেখছে বলে জানা গেছে। স্থানীয় প্রশাসন জানিয়েছে, প্রয়োজনীয় আইনগত ব্যবস্থা নেওয়া হবে এবং তদন্ত শেষে বিস্তারিত জানানো হবে। এলাকাবাসী দ্রুত সমাধানের দাবি জানিয়েছেন।

এ ঘটনায় সংশ্লিষ্ট কর্তৃপক্ষ বিষয়টি খতিয়ে দেখছে বলে জানা গেছে। স্থানীয় প্রশাসন জানিয়েছে, প্রয়োজনীয় আইনগত ব্যবস্থা নেওয়া হবে এবং তদন্ত শেষে বিস্তারিত জানানো হবে। এলাকাবাসী দ্রুত সমাধানের দাবি জানিয়েছেন।

এ ঘটনায় সংশ্লিষ্ট কর্তৃপক্ষ বিষয়টি খতিয়ে দেখছে বলে জানা গেছে। স্থানীয় প্রশাসন জানিয়েছে, প্রয়োজনীয় আইনগত ব্যবস্থা নেওয়া হবে এবং তদন্ত শেষে বিস্তারিত জানানো হবে। এলাকাবাসী দ্রুত সমাধানের দাবি জানিয়েছেন।

এ ঘটনায় সংশ্লিষ্ট কর্তৃপক্ষ বিষয়টি খতিয়ে দেখছে বলে জানা গেছে। স্থানীয় প্রশাসন জানিয়েছে, প্রয়োজনীয় আইনগত ব্যবস্থা নেওয়া হবে এবং তদন্ত শেষে বিস্তারিত জানানো হবে। এলাকাবাসী দ্রুত সমাধানের দাবি জানিয়েছেন।

এ ঘটনায় সংশ্লিষ্ট কর্তৃপক্ষ বিষয়টি খতিয়ে দেখছে বলে জানা গেছে। স্থানীয় প্রশাসন জানিয়েছে, প্রয়োজনীয় আইনগত ব্যবস্থা নেওয়া হবে এবং তদন্ত শেষে বিস্তারিত জানানো হবে। এলাকাবাসী দ্রুত সমাধানের দাবি জানিয়েছেন।

এ ঘটনায় সংশ্লিষ্ট কর্তৃপক্ষ বিষয়টি খতিয়ে দেখছে বলে জানা গেছে। স্থানীয় প্রশাসন জানিয়েছে, প্রয়োজনীয় আইনগত ব্যবস্থা নেওয়া হবে এবং তদন্ত শেষে বিস্তারিত জানানো হবে। এলাকাবাসী দ্রুত সমাধানের দাবি জানিয়েছেন।

এ ঘটনায় সংশ্লিষ্ট কর্তৃপক্ষ বিষয়টি খতিয়ে দেখছে বলে জানা গেছে। স্থানীয় প্রশাসন জানিয়েছে, প্রয়োজনীয় আইনগত ব্যবস্থা নেওয়া হবে এবং তদন্ত শেষে বিস্তারিত জানানো হবে। এলাকাবাসী দ্রুত সমাধানের দাবি জানিয়েছেন।

এ ঘটনায় সংশ্লিষ্ট কর্তৃপক্ষ বিষয়টি খতিয়ে দেখছে বলে জানা গেছে। স্থানীয় প্রশাসন জানিয়েছে, প্রয়োজনীয় আইনগত ব্যবস্থা নেওয়া হবে এবং তদন্ত শেষে বিস্তারিত জানানো হবে। এলাকাবাসী দ্রুত সমাধানের দাবি জানিয়েছেন।

এ ঘটনায় সংশ্লিষ্ট কর্তৃপক্ষ বিষয়টি খতিয়ে দেখছে বলে জানা গেছে। স্থানীয় প্রশাসন জানিয়েছে, প্রয়োজনীয় আইনগত ব্যবস্থা নেওয়া হবে এবং তদন্ত শেষে বিস্তারিত জানানো হবে। এলাকাবাসী দ্রুত সমাধানের দাবি জানিয়েছেন।

বিএনপির জন্য একটা

(প্রথম পৃষ্ঠার পর) নির্বাচন কমিশনের বৈঠক হয়।

এ ঘটনায় সংশ্লিষ্ট কর্তৃপক্ষ বিষয়টি খতিয়ে দেখছে বলে জানা গেছে। স্থানীয় প্রশাসন জানিয়েছে, প্রয়োজনীয় আইনগত ব্যবস্থা নেওয়া হবে এবং তদন্ত শেষে বিস্তারিত জানানো হবে। এলাকাবাসী দ্রুত সমাধানের দাবি জানিয়েছেন।

এ ঘটনায় সংশ্লিষ্ট কর্তৃপক্ষ বিষয়টি খতিয়ে দেখছে বলে জানা গেছে। স্থানীয় প্রশাসন জানিয়েছে, প্রয়োজনীয় আইনগত ব্যবস্থা নেওয়া হবে এবং তদন্ত শেষে বিস্তারিত জানানো হবে। এলাকাবাসী দ্রুত সমাধানের দাবি জানিয়েছেন।

এ ঘটনায় সংশ্লিষ্ট কর্তৃপক্ষ বিষয়টি খতিয়ে দেখছে বলে জানা গেছে। স্থানীয় প্রশাসন জানিয়েছে, প্রয়োজনীয় আইনগত ব্যবস্থা নেওয়া হবে এবং তদন্ত শেষে বিস্তারিত জানানো হবে। এলাকাবাসী দ্রুত সমাধানের দাবি জানিয়েছেন।

এ ঘটনায় সংশ্লিষ্ট কর্তৃপক্ষ বিষয়টি খতিয়ে দেখছে বলে জানা গেছে। স্থানীয় প্রশাসন জানিয়েছে, প্রয়োজনীয় আইনগত ব্যবস্থা নেওয়া হবে এবং তদন্ত শেষে বিস্তারিত জানানো হবে। এলাকাবাসী দ্রুত সমাধানের দাবি জানিয়েছেন।

এ ঘটনায় সংশ্লিষ্ট কর্তৃপক্ষ বিষয়টি খতিয়ে দেখছে বলে জানা গেছে। স্থানীয় প্রশাসন জানিয়েছে, প্রয়োজনীয় আইনগত ব্যবস্থা নেওয়া হবে এবং তদন্ত শেষে বিস্তারিত জানানো হবে। এলাকাবাসী দ্রুত সমাধানের দাবি জানিয়েছেন।

এ ঘটনায় সংশ্লিষ্ট কর্তৃপক্ষ বিষয়টি খতিয়ে দেখছে বলে জানা গেছে। স্থানীয় প্রশাসন জানিয়েছে, প্রয়োজনীয় আইনগত ব্যবস্থা নেওয়া হবে এবং তদন্ত শেষে বিস্তারিত জানানো হবে। এলাকাবাসী দ্রুত সমাধানের দাবি জানিয়েছেন।

এ ঘটনায় সংশ্লিষ্ট কর্তৃপক্ষ বিষয়টি খতিয়ে দেখছে বলে জানা গেছে। স্থানীয় প্রশাসন জানিয়েছে, প্রয়োজনীয় আইনগত ব্যবস্থা নেওয়া হবে এবং তদন্ত শেষে বিস্তারিত জানানো হবে। এলাকাবাসী দ্রুত সমাধানের দাবি জানিয়েছেন।

-নিজস্ব প্রতিবেদক

কেউ সংক্ষুব্ধ হলে

(প্রথম পৃষ্ঠার পর) সাংবাদিকের প্রশ্নের জবাবে তিনি এ কথা বলেন।

এ ঘটনায় সংশ্লিষ্ট কর্তৃপক্ষ বিষয়টি খতিয়ে দেখছে বলে জানা গেছে। স্থানীয় প্রশাসন জানিয়েছে, প্রয়োজনীয় আইনগত ব্যবস্থা নেওয়া হবে এবং তদন্ত শেষে বিস্তারিত জানানো হবে। এলাকাবাসী দ্রুত সমাধানের দাবি জানিয়েছেন।

এ ঘটনায় সংশ্লিষ্ট কর্তৃপক্ষ বিষয়টি খতিয়ে দেখছে বলে জানা গেছে। স্থানীয় প্রশাসন জানিয়েছে, প্রয়োজনীয় আইনগত ব্যবস্থা নেওয়া হবে এবং তদন্ত শেষে বিস্তারিত জানানো হবে। এলাকাবাসী দ্রুত সমাধানের দাবি জানিয়েছেন।

এ ঘটনায় সংশ্লিষ্ট কর্তৃপক্ষ বিষয়টি খতিয়ে দেখছে বলে জানা গেছে। স্থানীয় প্রশাসন জানিয়েছে, প্রয়োজনীয় আইনগত ব্যবস্থা নেওয়া হবে এবং তদন্ত শেষে বিস্তারিত জানানো হবে। এলাকাবাসী দ্রুত সমাধানের দাবি জানিয়েছেন।

এ ঘটনায় সংশ্লিষ্ট কর্তৃপক্ষ বিষয়টি খতিয়ে দেখছে বলে জানা গেছে। স্থানীয় প্রশাসন জানিয়েছে, প্রয়োজনীয় আইনগত ব্যবস্থা নেওয়া হবে এবং তদন্ত শেষে বিস্তারিত জানানো হবে। এলাকাবাসী দ্রুত সমাধানের দাবি জানিয়েছেন।

এ ঘটনায় সংশ্লিষ্ট কর্তৃপক্ষ বিষয়টি খতিয়ে দেখছে বলে জানা গেছে। স্থানীয় প্রশাসন জানিয়েছে, প্রয়োজনীয় আইনগত ব্যবস্থা নেওয়া হবে এবং তদন্ত শেষে বিস্তারিত জানানো হবে। এলাকাবাসী দ্রুত সমাধানের দাবি জানিয়েছেন।

এ ঘটনায় সংশ্লিষ্ট কর্তৃপক্ষ বিষয়টি খতিয়ে দেখছে বলে জানা গেছে। স্থানীয় প্রশাসন জানিয়েছে, প্রয়োজনীয় আইনগত ব্যবস্থা নেওয়া হবে এবং তদন্ত শেষে বিস্তারিত জানানো হবে। এলাকাবাসী দ্রুত সমাধানের দাবি জানিয়েছেন।

এ ঘটনায় সংশ্লিষ্ট কর্তৃপক্ষ বিষয়টি খতিয়ে দেখছে বলে জানা গেছে। স্থানীয় প্রশাসন জানিয়েছে, প্রয়োজনীয় আইনগত ব্যবস্থা নেওয়া হবে এবং তদন্ত শেষে বিস্তারিত জানানো হবে। এলাকাবাসী দ্রুত সমাধানের দাবি জানিয়েছেন।

ঢাকা-ওয়াশিংটন সম্পর্কে

(প্রথম পৃষ্ঠার পর) সাংবাদিকদের এ কথা জানান।

এ ঘটনায় সংশ্লিষ্ট কর্তৃপক্ষ বিষয়টি খতিয়ে দেখছে বলে জানা গেছে। স্থানীয় প্রশাসন জানিয়েছে, প্রয়োজনীয় আইনগত ব্যবস্থা নেওয়া হবে এবং তদন্ত শেষে বিস্তারিত জানানো হবে। এলাকাবাসী দ্রুত সমাধানের দাবি জানিয়েছেন।

এ ঘটনায় সংশ্লিষ্ট কর্তৃপক্ষ বিষয়টি খতিয়ে দেখছে বলে জানা গেছে। স্থানীয় প্রশাসন জানিয়েছে, প্রয়োজনীয় আইনগত ব্যবস্থা নেওয়া হবে এবং তদন্ত শেষে বিস্তারিত জানানো হবে। এলাকাবাসী দ্রুত সমাধানের দাবি জানিয়েছেন।

এ ঘটনায় সংশ্লিষ্ট কর্তৃপক্ষ বিষয়টি খতিয়ে দেখছে বলে জানা গেছে। স্থানীয় প্রশাসন জানিয়েছে, প্রয়োজনীয় আইনগত ব্যবস্থা নেওয়া হবে এবং তদন্ত শেষে বিস্তারিত জানানো হবে। এলাকাবাসী দ্রুত সমাধানের দাবি জানিয়েছেন।

এ ঘটনায় সংশ্লিষ্ট কর্তৃপক্ষ বিষয়টি খতিয়ে দেখছে বলে জানা গেছে। স্থানীয় প্রশাসন জানিয়েছে, প্রয়োজনীয় আইনগত ব্যবস্থা নেওয়া হবে এবং তদন্ত শেষে বিস্তারিত জানানো হবে। এলাকাবাসী দ্রুত সমাধানের দাবি জানিয়েছেন।

-নিজস্ব প্রতিবেদক

যেখানেই থাকুন সম্পত্তি

(প্রথম পৃষ্ঠার পর) মানুষের জমির মালিকানা রক্ষায় নতুন আইন হচ্ছে।

এ ঘটনায় সংশ্লিষ্ট কর্তৃপক্ষ বিষয়টি খতিয়ে দেখছে বলে জানা গেছে। স্থানীয় প্রশাসন জানিয়েছে, প্রয়োজনীয় আইনগত ব্যবস্থা নেওয়া হবে এবং তদন্ত শেষে বিস্তারিত জানানো হবে। এলাকাবাসী দ্রুত সমাধানের দাবি জানিয়েছেন।

এ ঘটনায় সংশ্লিষ্ট কর্তৃপক্ষ বিষয়টি খতিয়ে দেখছে বলে জানা গেছে। স্থানীয় প্রশাসন জানিয়েছে, প্রয়োজনীয় আইনগত ব্যবস্থা নেওয়া হবে এবং তদন্ত শেষে বিস্তারিত জানানো হবে। এলাকাবাসী দ্রুত সমাধানের দাবি জানিয়েছেন।

এ ঘটনায় সংশ্লিষ্ট কর্তৃপক্ষ বিষয়টি খতিয়ে দেখছে বলে জানা গেছে। স্থানীয় প্রশাসন জানিয়েছে, প্রয়োজনীয় আইনগত ব্যবস্থা নেওয়া হবে এবং তদন্ত শেষে বিস্তারিত জানানো হবে। এলাকাবাসী দ্রুত সমাধানের দাবি জানিয়েছেন।

এ ঘটনায় সংশ্লিষ্ট কর্তৃপক্ষ বিষয়টি খতিয়ে দেখছে বলে জানা গেছে। স্থানীয় প্রশাসন জানিয়েছে, প্রয়োজনীয় আইনগত ব্যবস্থা নেওয়া হবে এবং তদন্ত শেষে বিস্তারিত জানানো হবে। এলাকাবাসী দ্রুত সমাধানের দাবি জানিয়েছেন।

এ ঘটনায় সংশ্লিষ্ট কর্তৃপক্ষ বিষয়টি খতিয়ে দেখছে বলে জানা গেছে। স্থানীয় প্রশাসন জানিয়েছে, প্রয়োজনীয় আইনগত ব্যবস্থা নেওয়া হবে এবং তদন্ত শেষে বিস্তারিত জানানো হবে। এলাকাবাসী দ্রুত সমাধানের দাবি জানিয়েছেন।

এ ঘটনায় সংশ্লিষ্ট কর্তৃপক্ষ বিষয়টি খতিয়ে দেখছে বলে জানা গেছে। স্থানীয় প্রশাসন জানিয়েছে, প্রয়োজনীয় আইনগত ব্যবস্থা নেওয়া হবে এবং তদন্ত শেষে বিস্তারিত জানানো হবে। এলাকাবাসী দ্রুত সমাধানের দাবি জানিয়েছেন।

এ ঘটনায় সংশ্লিষ্ট কর্তৃপক্ষ বিষয়টি খতিয়ে দেখছে বলে জানা গেছে। স্থানীয় প্রশাসন জানিয়েছে, প্রয়োজনীয় আইনগত ব্যবস্থা নেওয়া হবে এবং তদন্ত শেষে বিস্তারিত জানানো হবে। এলাকাবাসী দ্রুত সমাধানের দাবি জানিয়েছেন।

এ ঘটনায় সংশ্লিষ্ট কর্তৃপক্ষ বিষয়টি খতিয়ে দেখছে বলে জানা গেছে। স্থানীয় প্রশাসন জানিয়েছে, প্রয়োজনীয় আইনগত ব্যবস্থা নেওয়া হবে এবং তদন্ত শেষে বিস্তারিত জানানো হবে। এলাকাবাসী দ্রুত সমাধানের দাবি জানিয়েছেন।

এ ঘটনায় সংশ্লিষ্ট কর্তৃপক্ষ বিষয়টি খতিয়ে দেখছে বলে জানা গেছে। স্থানীয় প্রশাসন জানিয়েছে, প্রয়োজনীয় আইনগত ব্যবস্থা নেওয়া হবে এবং তদন্ত শেষে বিস্তারিত জানানো হবে। এলাকাবাসী দ্রুত সমাধানের দাবি জানিয়েছেন।

এ ঘটনায় সংশ্লিষ্ট কর্তৃপক্ষ বিষয়টি খতিয়ে দেখছে বলে জানা গেছে। স্থানীয় প্রশাসন জানিয়েছে, প্রয়োজনীয় আইনগত ব্যবস্থা নেওয়া হবে এবং তদন্ত শেষে বিস্তারিত জানানো হবে। এলাকাবাসী দ্রুত সমাধানের দাবি জানিয়েছেন।

এ ঘটনায় সংশ্লিষ্ট কর্তৃপক্ষ বিষয়টি খতিয়ে দেখছে বলে জানা গেছে। স্থানীয় প্রশাসন জানিয়েছে, প্রয়োজনীয় আইনগত ব্যবস্থা নেওয়া হবে এবং তদন্ত শেষে বিস্তারিত জানানো হবে। এলাকাবাসী দ্রুত সমাধানের দাবি জানিয়েছেন।

এ ঘটনায় সংশ্লিষ্ট কর্তৃপক্ষ বিষয়টি খতিয়ে দেখছে বলে জানা গেছে। স্থানীয় প্রশাসন জানিয়েছে, প্রয়োজনীয় আইনগত ব্যবস্থা নেওয়া হবে এবং তদন্ত শেষে বিস্তারিত জানানো হবে। এলাকাবাসী দ্রুত সমাধানের দাবি জানিয়েছেন।

এ ঘটনায় সংশ্লিষ্ট কর্তৃপক্ষ বিষয়টি খতিয়ে দেখছে বলে জানা গেছে। স্থানীয় প্রশাসন জানিয়েছে, প্রয়োজনীয় আইনগত ব্যবস্থা নেওয়া হবে এবং তদন্ত শেষে বিস্তারিত জানানো হবে। এলাকাবাসী দ্রুত সমাধানের দাবি জানিয়েছেন।

এ ঘটনায় সংশ্লিষ্ট কর্তৃপক্ষ বিষয়টি খতিয়ে দেখছে বলে জানা গেছে। স্থানীয় প্রশাসন জানিয়েছে, প্রয়োজনীয় আইনগত ব্যবস্থা নেওয়া হবে এবং তদন্ত শেষে বিস্তারিত জানানো হবে। এলাকাবাসী দ্রুত সমাধানের দাবি জানিয়েছেন।

এ ঘটনায় সংশ্লিষ্ট কর্তৃপক্ষ বিষয়টি খতিয়ে দেখছে বলে জানা গেছে। স্থানীয় প্রশাসন জানিয়েছে, প্রয়োজনীয় আইনগত ব্যবস্থা নেওয়া হবে এবং তদন্ত শেষে বিস্তারিত জানানো হবে। এলাকাবাসী দ্রুত সমাধানের দাবি জানিয়েছেন।

এ ঘটনায় সংশ্লিষ্ট কর্তৃপক্ষ বিষয়টি খতিয়ে দেখছে বলে জানা গেছে। স্থানীয় প্রশাসন জানিয়েছে, প্রয়োজনীয় আইনগত ব্যবস্থা নেওয়া হবে এবং তদন্ত শেষে বিস্তারিত জানানো হবে। এলাকাবাসী দ্রুত সমাধানের দাবি জানিয়েছেন।

এ ঘটনায় সংশ্লিষ্ট কর্তৃপক্ষ বিষয়টি খতিয়ে দেখছে বলে জানা গেছে। স্থানীয় প্রশাসন জানিয়েছে, প্রয়োজনীয় আইনগত ব্যবস্থা নেওয়া হবে এবং তদন্ত শেষে বিস্তারিত জানানো হবে। এলাকাবাসী দ্রুত সমাধানের দাবি জানিয়েছেন।

এ ঘটনায় সংশ্লিষ্ট কর্তৃপক্ষ বিষয়টি খতিয়ে দেখছে বলে জানা গেছে। স্থানীয় প্রশাসন জানিয়েছে, প্রয়োজনীয় আইনগত ব্যবস্থা নেওয়া হবে এবং তদন্ত শেষে বিস্তারিত জানানো হবে। এলাকাবাসী দ্রুত সমাধানের দাবি জানিয়েছেন।

এ ঘটনায় সংশ্লিষ্ট কর্তৃপক্ষ বিষয়টি খতিয়ে দেখছে বলে জানা গেছে। স্থানীয় প্রশাসন জানিয়েছে, প্রয়োজনীয় আইনগত ব্যবস্থা নেওয়া হবে এবং তদন্ত শেষে বিস্তারিত জানানো হবে। এলাকাবাসী দ্রুত সমাধানের দাবি জানিয়েছেন।

এ ঘটনায় সংশ্লিষ্ট কর্তৃপক্ষ বিষয়টি খতিয়ে দেখছে বলে জানা গেছে। স্থানীয় প্রশাসন জানিয়েছে, প্রয়োজনীয় আইনগত ব্যবস্থা নেওয়া হবে এবং তদন্ত শেষে বিস্তারিত জানানো হবে। এলাকাবাসী দ্রুত সমাধানের দাবি জানিয়েছেন।

গণপ্রজাতন্ত্রী বাংলাদেশ সরকার
স্বরাষ্ট্র মন্ত্রণালয়
বাংলাদেশ কোস্ট গার্ড
উন্মুক্ত দরপত্র বিজ্ঞপ্তি
১।	মন্ত্রণালয়/বিভাগ	স্বরাষ্ট্র মন্ত্রণালয়
২।	সংস্থা	বাংলাদেশ কোস্ট গার্ড
৩।	দরপত্র আহ্বানকারী	মহাপরিচালক, বাংলাদেশ কোস্ট গার্ড, আগারগাঁও প্রশাসনিক এলাকা, শের-ই-বাংলা নগর, ঢাকা-১২০৭।
৪।	দরপত্র আহ্বানকারীর জেলা	ঢাকা
৫।	দরপত্র বিজ্ঞপ্তি নম্বর ও তারিখ	৫৮.০৯.২৬৮০.০১৩.০১.০১৫.২৩, তারিখ: ১৯ মার্চ ২০২৩
৬।	ক্রয় প্রক্রিয়া	উন্মুক্ত দরপত্র পদ্ধতি (Open Tender Method)
৭।	বাজেট ও অর্থায়নের উৎস	গণপ্রজাতন্ত্রী বাংলাদেশ সরকার
৮।	দরপত্র প্যাকেজের নং	জি আর আইটি- ৫৫/
৯।	দরপত্র প্যাকেজের নাম	০১ বছরের জন্য Antivirus Software / End Point Security for All Zones ক্রয়।
১০।	দরপত্র প্রকাশের তারিখ	৩০ মার্চ ২০২৩
১১।	দরপত্র দাখিলের শেষ তারিখ ও সময়	১৯ এপ্রিল ২০২৩, দুপুর ১২০০ ঘটিকা
১২।	দরপত্র খোলার তারিখ ও সময়	১৯ এপ্রিল ২০২৩, দুপুর ১২৩০ ঘটিকা
১৩।	দরপত্র দাখিলের স্থান	মহাপরিচালক, বাংলাদেশ কোস্ট গার্ড, আগারগাঁও প্রশাসনিক এলাকা, শের-ই-বাংলা নগর, ঢাকা-১২০৭।
১৪।	দরপত্র জামানত	১৫,৫০০/০০ টাকা
১৫।	চুক্তি সম্পাদনের মেয়াদ	১২ মাস (চুক্তিপত্র স্বাক্ষরের পর হতে)
১৬।	দরপত্র দলিলের মূল্য	টাকা ৫০০/০০ (টাকা পাঁচশত মাত্র) অফেরতযোগ্য
১৭।	যোগাযোগের ঠিকানা	মহাপরিচালক, বাংলাদেশ কোস্ট গার্ড, আগারগাঁও প্রশাসনিক এলাকা, শের-ই-বাংলা নগর, ঢাকা-১২০৭।
১৮।	ফোন / ফ্যাক্স	ফোন নং- ০২৮১৯-৪৪৬১৫২, ফ্যাক্স নং- ০২-৫৮১৫২৭৮৬
১৯।	বিশেষ নির্দেশাবলী	দরপত্র সংক্রান্ত বিস্তারিত তথ্য www.coastguard.gov.bd এ পাওয়া যাবে।
পরিচালক (আইটি ও যোগাযোগ পরিদপ্তর) পক্ষে মহাপরিচালক
